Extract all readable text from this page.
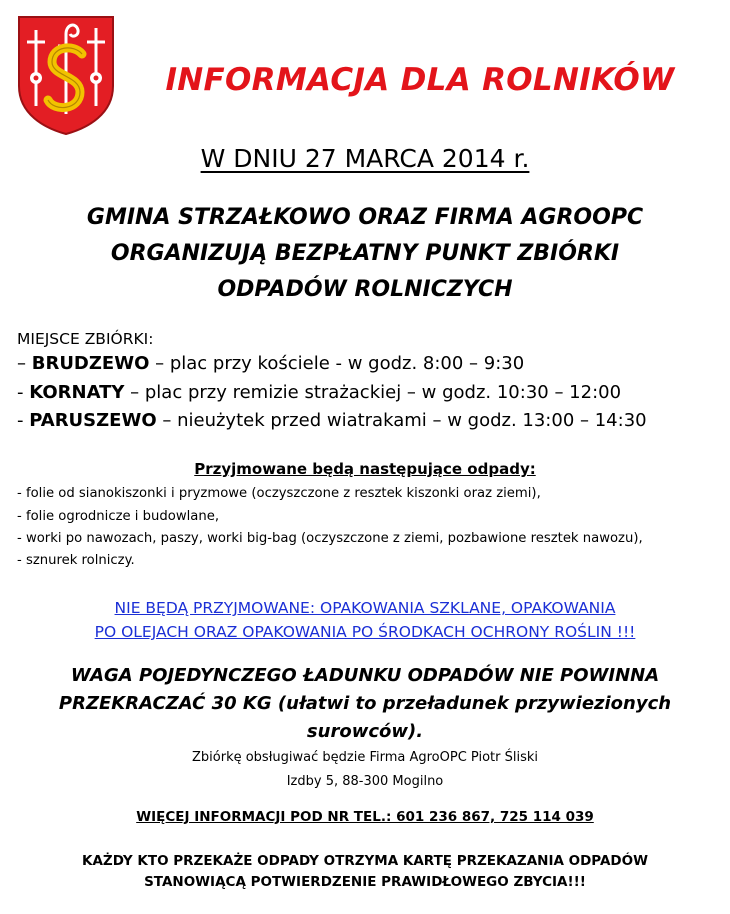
INFORMACJA DLA ROLNIKÓW
W DNIU 27 MARCA 2014 r.
GMINA STRZAŁKOWO ORAZ FIRMA AGROOPC
ORGANIZUJĄ BEZPŁATNY PUNKT ZBIÓRKI
ODPADÓW ROLNICZYCH
MIEJSCE ZBIÓRKI:
– BRUDZEWO – plac przy kościele - w godz. 8:00 – 9:30
- KORNATY – plac przy remizie strażackiej – w godz. 10:30 – 12:00
- PARUSZEWO – nieużytek przed wiatrakami – w godz. 13:00 – 14:30
Przyjmowane będą następujące odpady:
- folie od sianokiszonki i pryzmowe (oczyszczone z resztek kiszonki oraz ziemi),
- folie ogrodnicze i budowlane,
- worki po nawozach, paszy, worki big-bag (oczyszczone z ziemi, pozbawione resztek nawozu),
- sznurek rolniczy.
NIE BĘDĄ PRZYJMOWANE: OPAKOWANIA SZKLANE, OPAKOWANIA
PO OLEJACH ORAZ OPAKOWANIA PO ŚRODKACH OCHRONY ROŚLIN !!!
WAGA POJEDYNCZEGO ŁADUNKU ODPADÓW NIE POWINNA
PRZEKRACZAĆ 30 KG (ułatwi to przeładunek przywiezionych surowców).
Zbiórkę obsługiwać będzie Firma AgroOPC Piotr Śliski
Izdby 5, 88-300 Mogilno
WIĘCEJ INFORMACJI POD NR TEL.: 601 236 867, 725 114 039
KAŻDY KTO PRZEKAŻE ODPADY OTRZYMA KARTĘ PRZEKAZANIA ODPADÓW
STANOWIĄCĄ POTWIERDZENIE PRAWIDŁOWEGO ZBYCIA!!!
